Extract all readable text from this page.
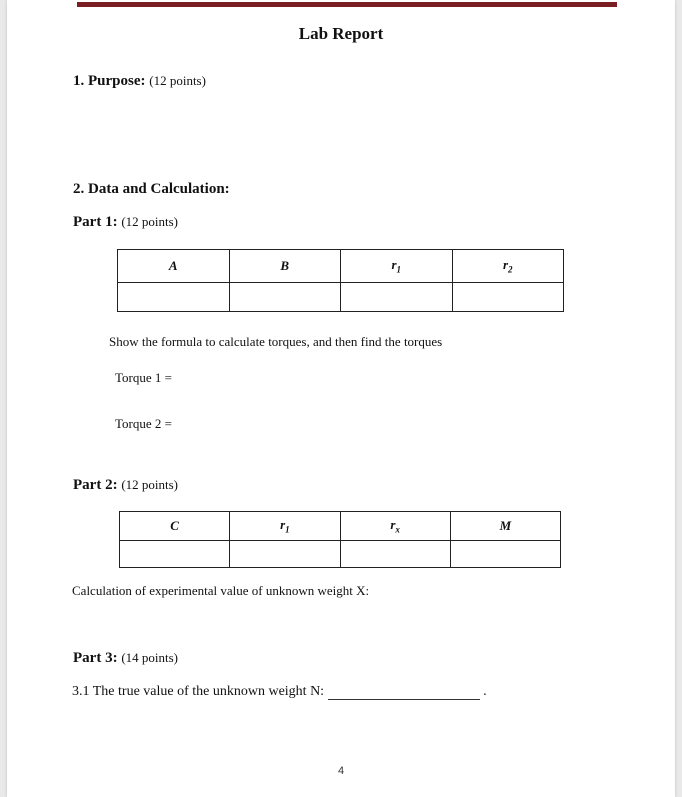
Lab Report
1. Purpose: (12 points)
2. Data and Calculation:
Part 1: (12 points)
A	B	$r_1$	$r_2$

Show the formula to calculate torques, and then find the torques
Torque 1 =
Torque 2 =
Part 2: (12 points)
C	$r_1$	$r_x$	M

Calculation of experimental value of unknown weight X:
Part 3: (14 points)
3.1 The true value of the unknown weight N:	.
4
